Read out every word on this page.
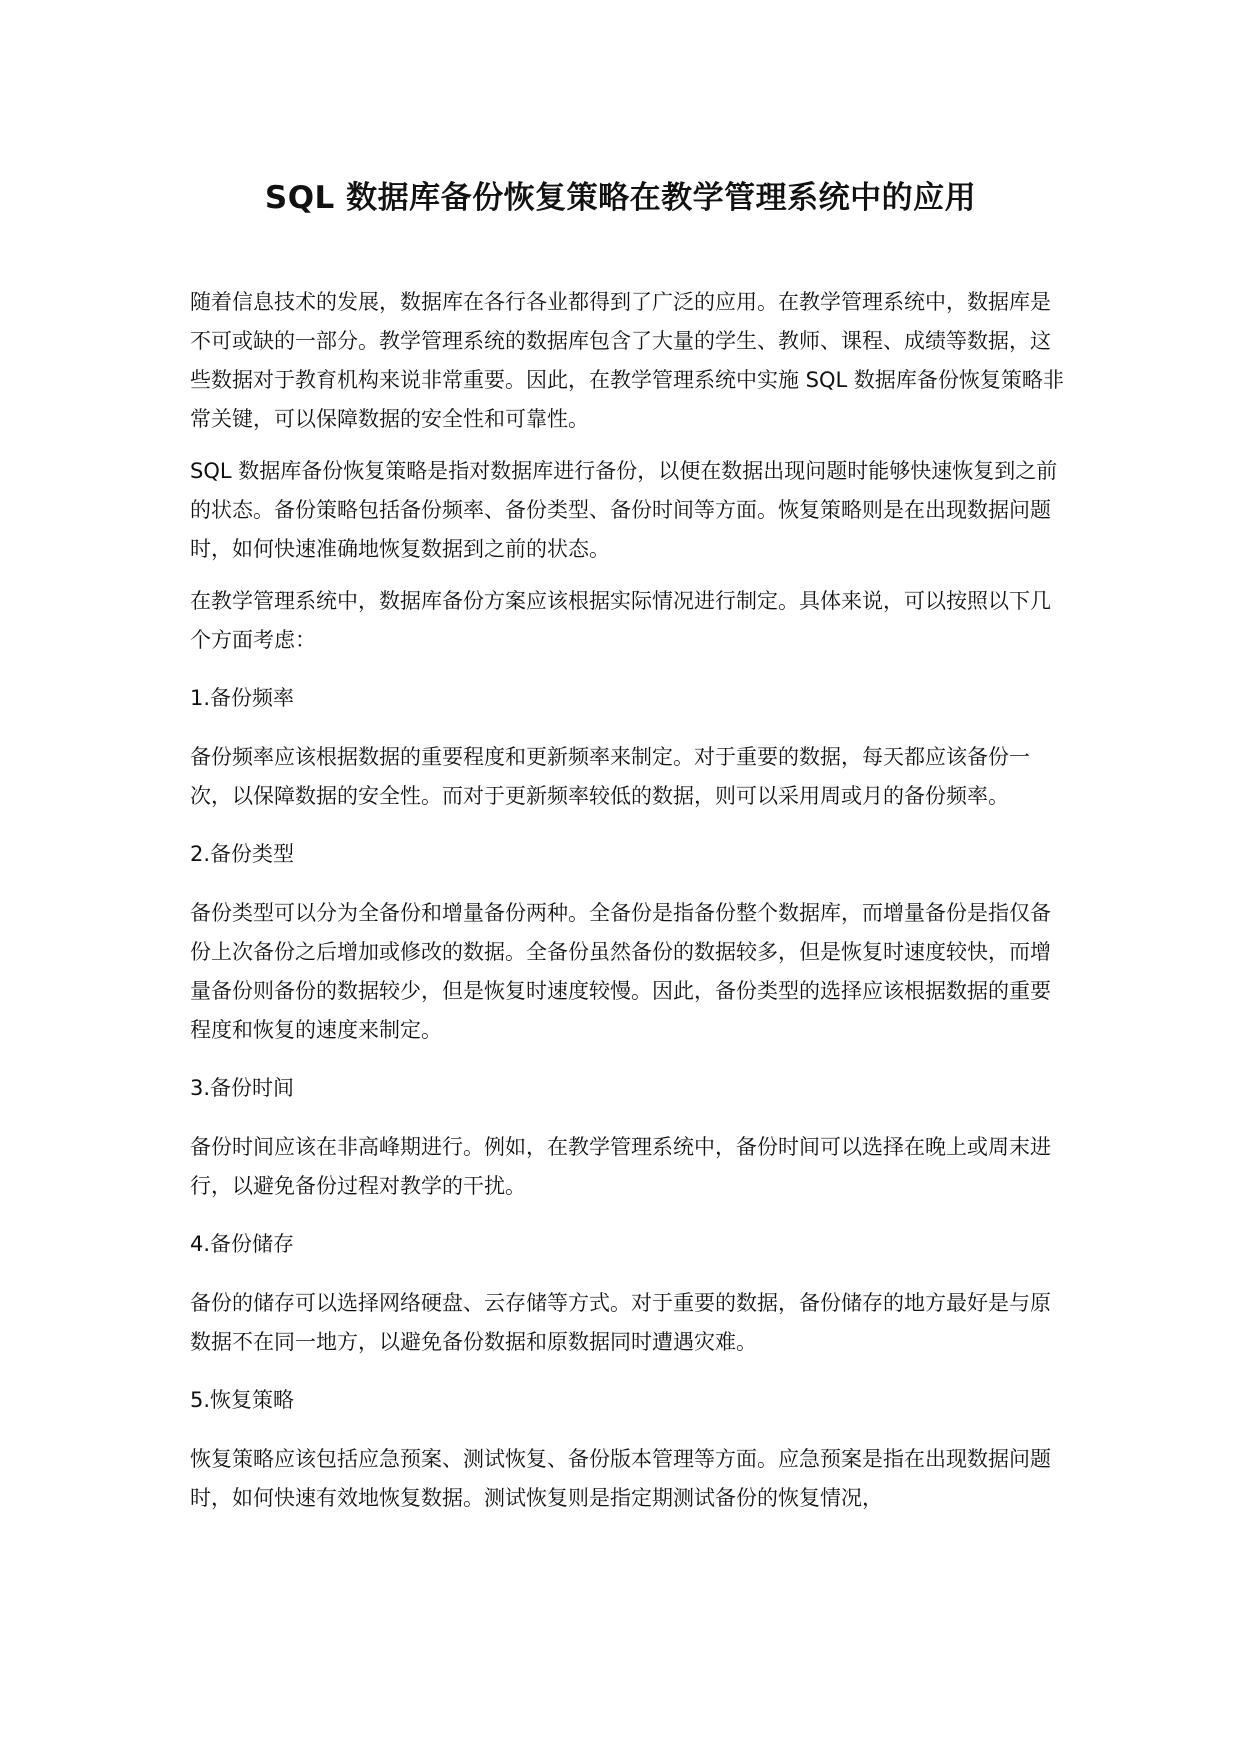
SQL 数据库备份恢复策略在教学管理系统中的应用

随着信息技术的发展，数据库在各行各业都得到了广泛的应用。在教学管理系统中，数据库是不可或缺的一部分。教学管理系统的数据库包含了大量的学生、教师、课程、成绩等数据，这些数据对于教育机构来说非常重要。因此，在教学管理系统中实施 SQL 数据库备份恢复策略非常关键，可以保障数据的安全性和可靠性。

SQL 数据库备份恢复策略是指对数据库进行备份，以便在数据出现问题时能够快速恢复到之前的状态。备份策略包括备份频率、备份类型、备份时间等方面。恢复策略则是在出现数据问题时，如何快速准确地恢复数据到之前的状态。

在教学管理系统中，数据库备份方案应该根据实际情况进行制定。具体来说，可以按照以下几个方面考虑：

1.备份频率

备份频率应该根据数据的重要程度和更新频率来制定。对于重要的数据，每天都应该备份一次，以保障数据的安全性。而对于更新频率较低的数据，则可以采用周或月的备份频率。

2.备份类型

备份类型可以分为全备份和增量备份两种。全备份是指备份整个数据库，而增量备份是指仅备份上次备份之后增加或修改的数据。全备份虽然备份的数据较多，但是恢复时速度较快，而增量备份则备份的数据较少，但是恢复时速度较慢。因此，备份类型的选择应该根据数据的重要程度和恢复的速度来制定。

3.备份时间

备份时间应该在非高峰期进行。例如，在教学管理系统中，备份时间可以选择在晚上或周末进行，以避免备份过程对教学的干扰。

4.备份储存

备份的储存可以选择网络硬盘、云存储等方式。对于重要的数据，备份储存的地方最好是与原数据不在同一地方，以避免备份数据和原数据同时遭遇灾难。

5.恢复策略

恢复策略应该包括应急预案、测试恢复、备份版本管理等方面。应急预案是指在出现数据问题时，如何快速有效地恢复数据。测试恢复则是指定期测试备份的恢复情况，
